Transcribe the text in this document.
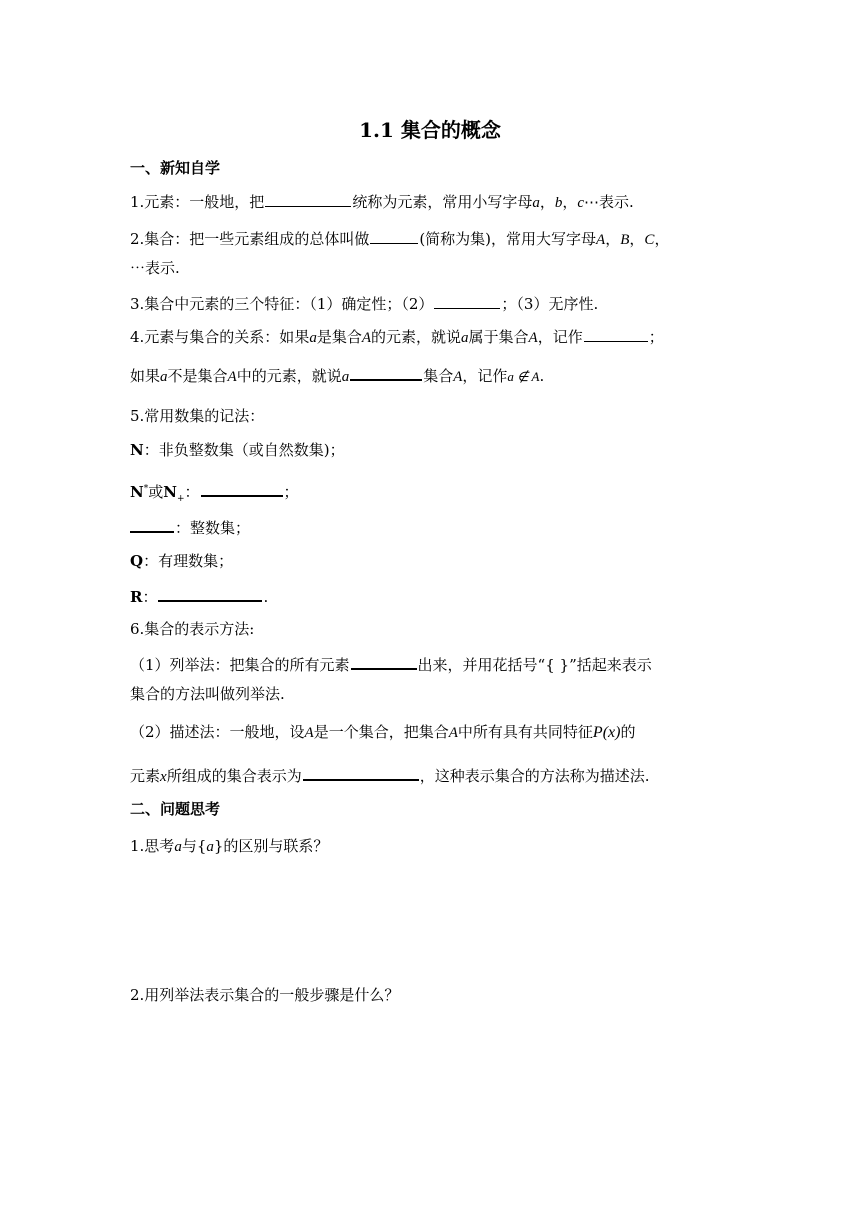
1.1 集合的概念
一、新知自学
1.元素：一般地，把	统称为元素，常用小写字母a，b，c⋯表示.
2.集合：把一些元素组成的总体叫做	(简称为集)，常用大写字母A，B，C，
⋯表示.
3.集合中元素的三个特征：（1）确定性；（2）	；（3）无序性.
4.元素与集合的关系：如果a是集合A的元素，就说a属于集合A，记作	；
如果a不是集合A中的元素，就说a	集合A，记作a ∉ A.
5.常用数集的记法：
N：非负整数集（或自然数集)；
N*或$N_+$：	；
：整数集；
Q：有理数集；
R：	.
6.集合的表示方法:
（1）列举法：把集合的所有元素	出来，并用花括号“{ }”括起来表示
集合的方法叫做列举法.
（2）描述法：一般地，设A是一个集合，把集合A中所有具有共同特征P(x)的
元素x所组成的集合表示为	，这种表示集合的方法称为描述法.
二、问题思考
1.思考a与{a}的区别与联系？
2.用列举法表示集合的一般步骤是什么？
